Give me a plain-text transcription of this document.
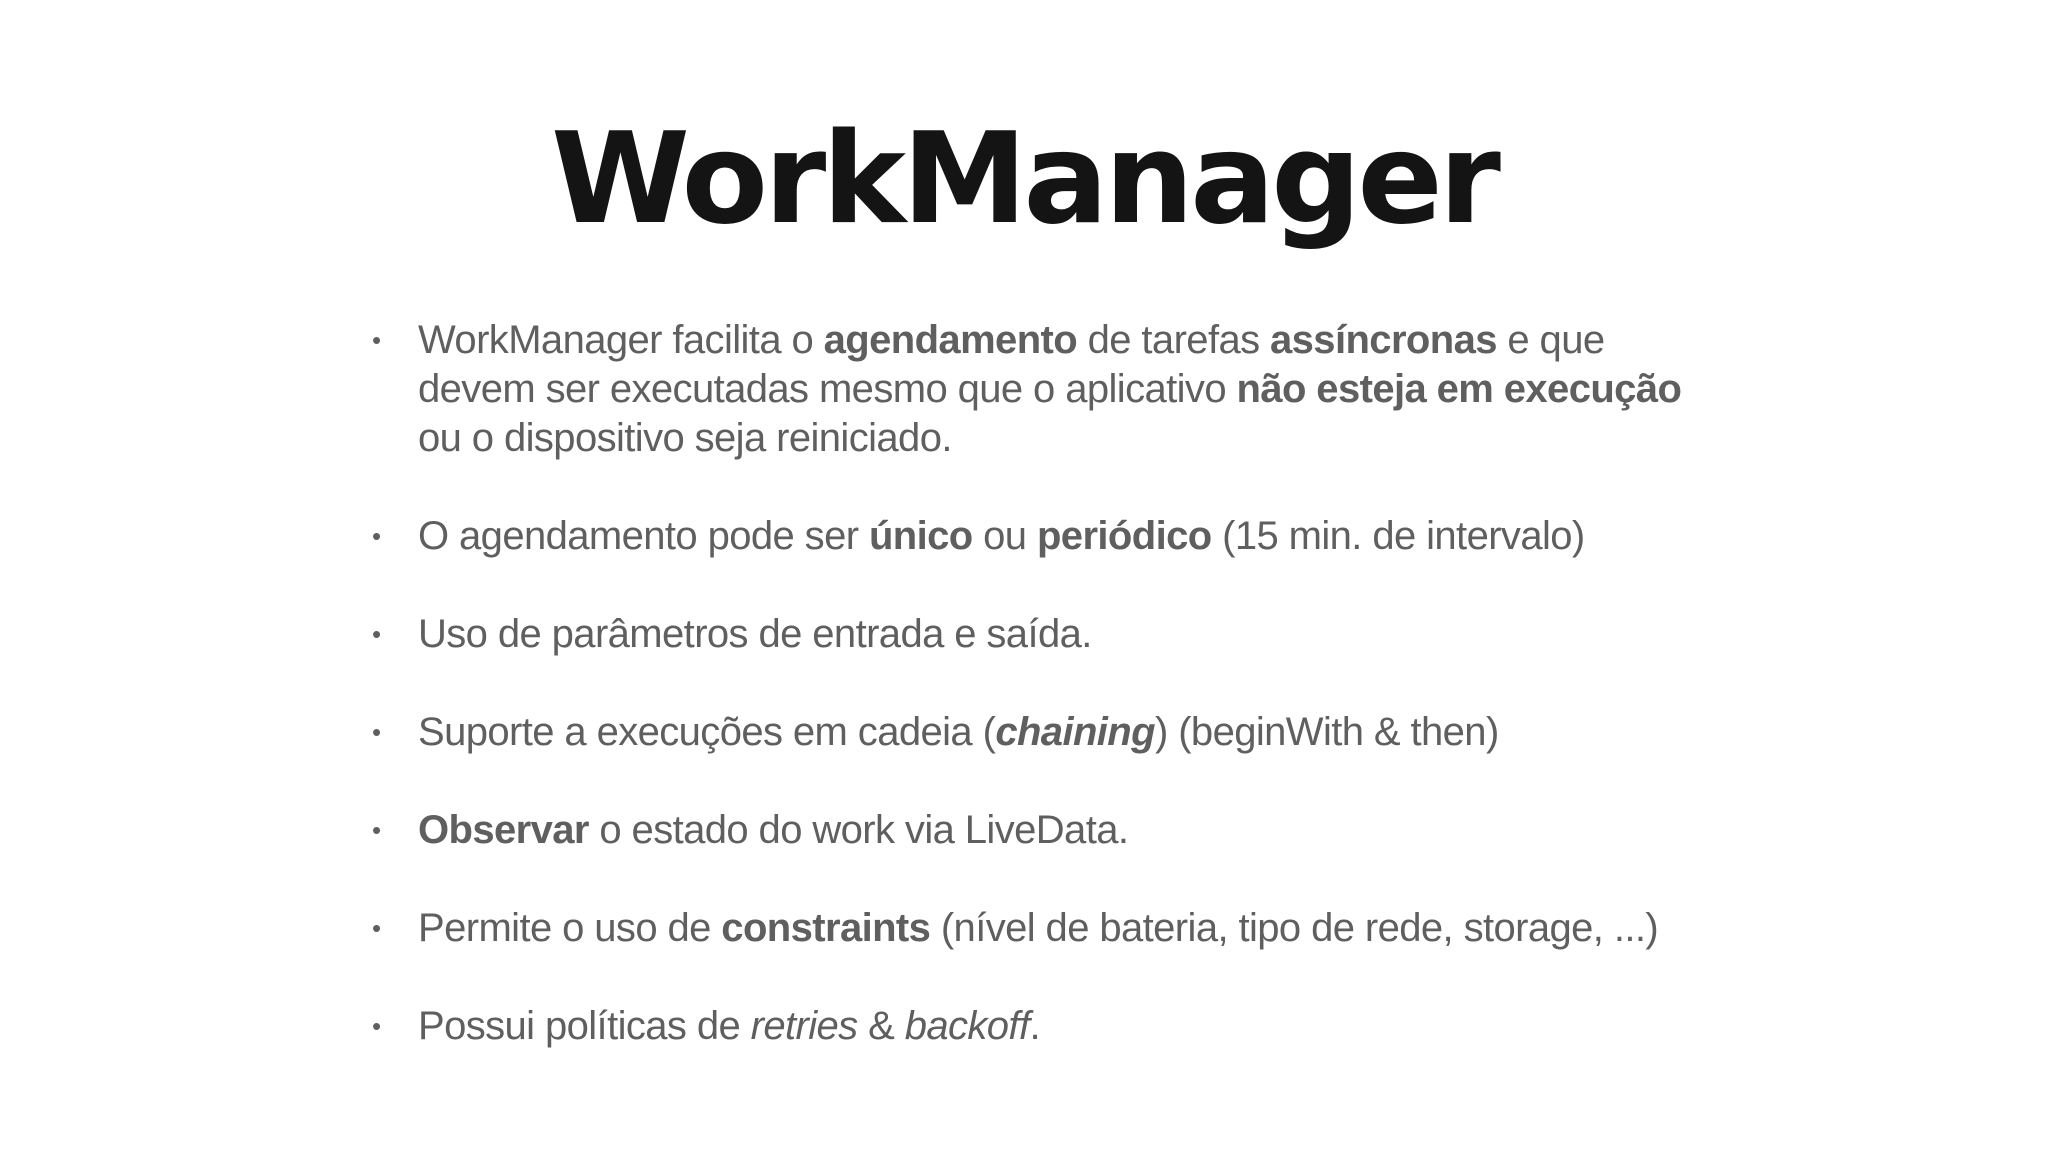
WorkManager
• WorkManager facilita o agendamento de tarefas assíncronas e que devem ser executadas mesmo que o aplicativo não esteja em execução ou o dispositivo seja reiniciado.
• O agendamento pode ser único ou periódico (15 min. de intervalo)
• Uso de parâmetros de entrada e saída.
• Suporte a execuções em cadeia (chaining) (beginWith & then)
• Observar o estado do work via LiveData.
• Permite o uso de constraints (nível de bateria, tipo de rede, storage, ...)
• Possui políticas de retries & backoff.
